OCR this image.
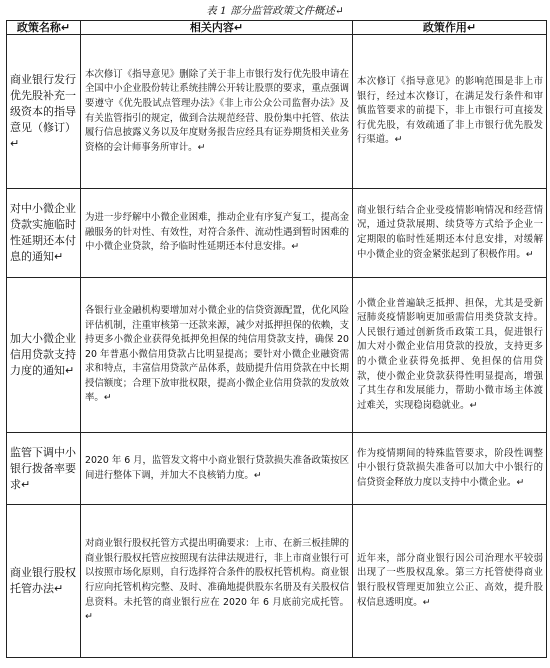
表 1 部分监管政策文件概述↵
政策名称↵	相关内容↵	政策作用↵
商业银行发行优先股补充一级资本的指导意见（修订）↵	本次修订《指导意见》删除了关于非上市银行发行优先股申请在全国中小企业股份转让系统挂牌公开转让股票的要求，重点强调要遵守《优先股试点管理办法》《非上市公众公司监督办法》及有关监管指引的规定，做到合法规范经营、股份集中托管、依法履行信息披露义务以及年度财务报告应经具有证券期货相关业务资格的会计师事务所审计。↵	本次修订《指导意见》的影响范围是非上市银行，经过本次修订，在满足发行条件和审慎监管要求的前提下，非上市银行可直接发行优先股，有效疏通了非上市银行优先股发行渠道。↵
对中小微企业贷款实施临时性延期还本付息的通知↵	为进一步纾解中小微企业困难，推动企业有序复产复工，提高金融服务的针对性、有效性，对符合条件、流动性遇到暂时困难的中小微企业贷款，给予临时性延期还本付息安排。↵	商业银行结合企业受疫情影响情况和经营情况，通过贷款展期、续贷等方式给予企业一定期限的临时性延期还本付息安排，对缓解中小微企业的资金紧张起到了积极作用。↵
加大小微企业信用贷款支持力度的通知↵	各银行业金融机构要增加对小微企业的信贷资源配置，优化风险评估机制，注重审核第一还款来源，减少对抵押担保的依赖，支持更多小微企业获得免抵押免担保的纯信用贷款支持，确保 2020 年普惠小微信用贷款占比明显提高；要针对小微企业融资需求和特点，丰富信用贷款产品体系，鼓励提升信用贷款在中长期授信额度；合理下放审批权限，提高小微企业信用贷款的发放效率。↵	小微企业普遍缺乏抵押、担保，尤其是受新冠肺炎疫情影响更加亟需信用类贷款支持。人民银行通过创新货币政策工具，促进银行加大对小微企业信用贷款的投放，支持更多的小微企业获得免抵押、免担保的信用贷款，使小微企业贷款获得性明显提高，增强了其生存和发展能力，帮助小微市场主体渡过难关，实现稳岗稳就业。↵
监管下调中小银行拨备率要求↵	2020 年 6 月，监管发文将中小商业银行贷款损失准备政策按区间进行整体下调，并加大不良核销力度。↵	作为疫情期间的特殊监管要求，阶段性调整中小银行贷款损失准备可以加大中小银行的信贷资金释放力度以支持中小微企业。↵
商业银行股权托管办法↵	对商业银行股权托管方式提出明确要求：上市、在新三板挂牌的商业银行股权托管应按照现有法律法规进行，非上市商业银行可以按照市场化原则，自行选择符合条件的股权托管机构。商业银行应向托管机构完整、及时、准确地提供股东名册及有关股权信息资料。未托管的商业银行应在 2020 年 6 月底前完成托管。↵	近年来，部分商业银行因公司治理水平较弱出现了一些股权乱象。第三方托管使得商业银行股权管理更加独立公正、高效，提升股权信息透明度。↵
